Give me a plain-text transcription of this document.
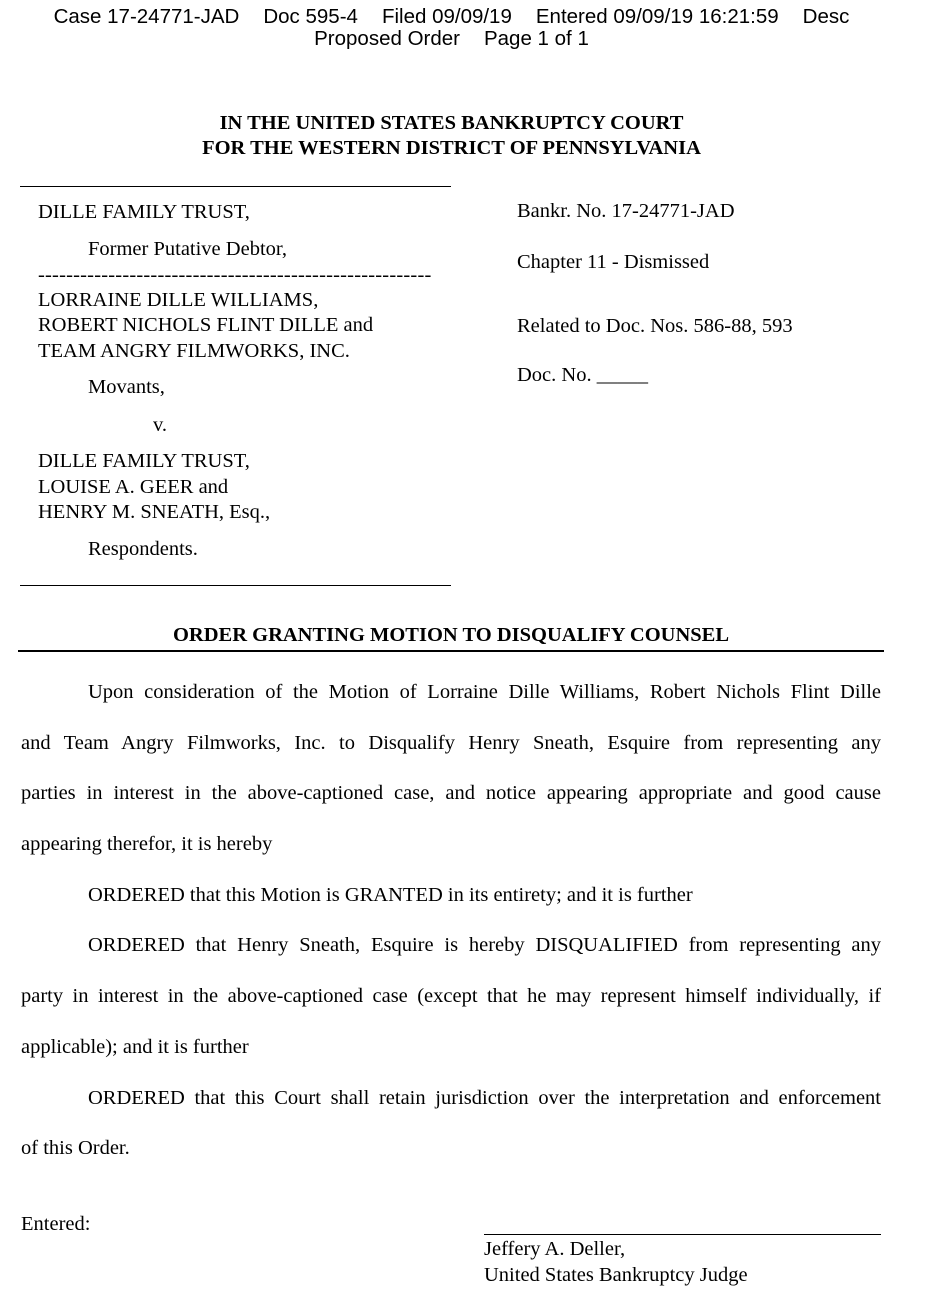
Case 17-24771-JAD Doc 595-4 Filed 09/09/19 Entered 09/09/19 16:21:59 Desc
Proposed Order Page 1 of 1
IN THE UNITED STATES BANKRUPTCY COURT
FOR THE WESTERN DISTRICT OF PENNSYLVANIA
DILLE FAMILY TRUST,
Former Putative Debtor,
--------------------------------------------------------
LORRAINE DILLE WILLIAMS,
ROBERT NICHOLS FLINT DILLE and
TEAM ANGRY FILMWORKS, INC.
Movants,
v.
DILLE FAMILY TRUST,
LOUISE A. GEER and
HENRY M. SNEATH, Esq.,
Respondents.
Bankr. No. 17-24771-JAD
Chapter 11 - Dismissed
Related to Doc. Nos. 586-88, 593
Doc. No. _____
ORDER GRANTING MOTION TO DISQUALIFY COUNSEL
Upon consideration of the Motion of Lorraine Dille Williams, Robert Nichols Flint Dille
and Team Angry Filmworks, Inc. to Disqualify Henry Sneath, Esquire from representing any
parties in interest in the above-captioned case, and notice appearing appropriate and good cause
appearing therefor, it is hereby
ORDERED that this Motion is GRANTED in its entirety; and it is further
ORDERED that Henry Sneath, Esquire is hereby DISQUALIFIED from representing any
party in interest in the above-captioned case (except that he may represent himself individually, if
applicable); and it is further
ORDERED that this Court shall retain jurisdiction over the interpretation and enforcement
of this Order.
Entered:
Jeffery A. Deller,
United States Bankruptcy Judge
